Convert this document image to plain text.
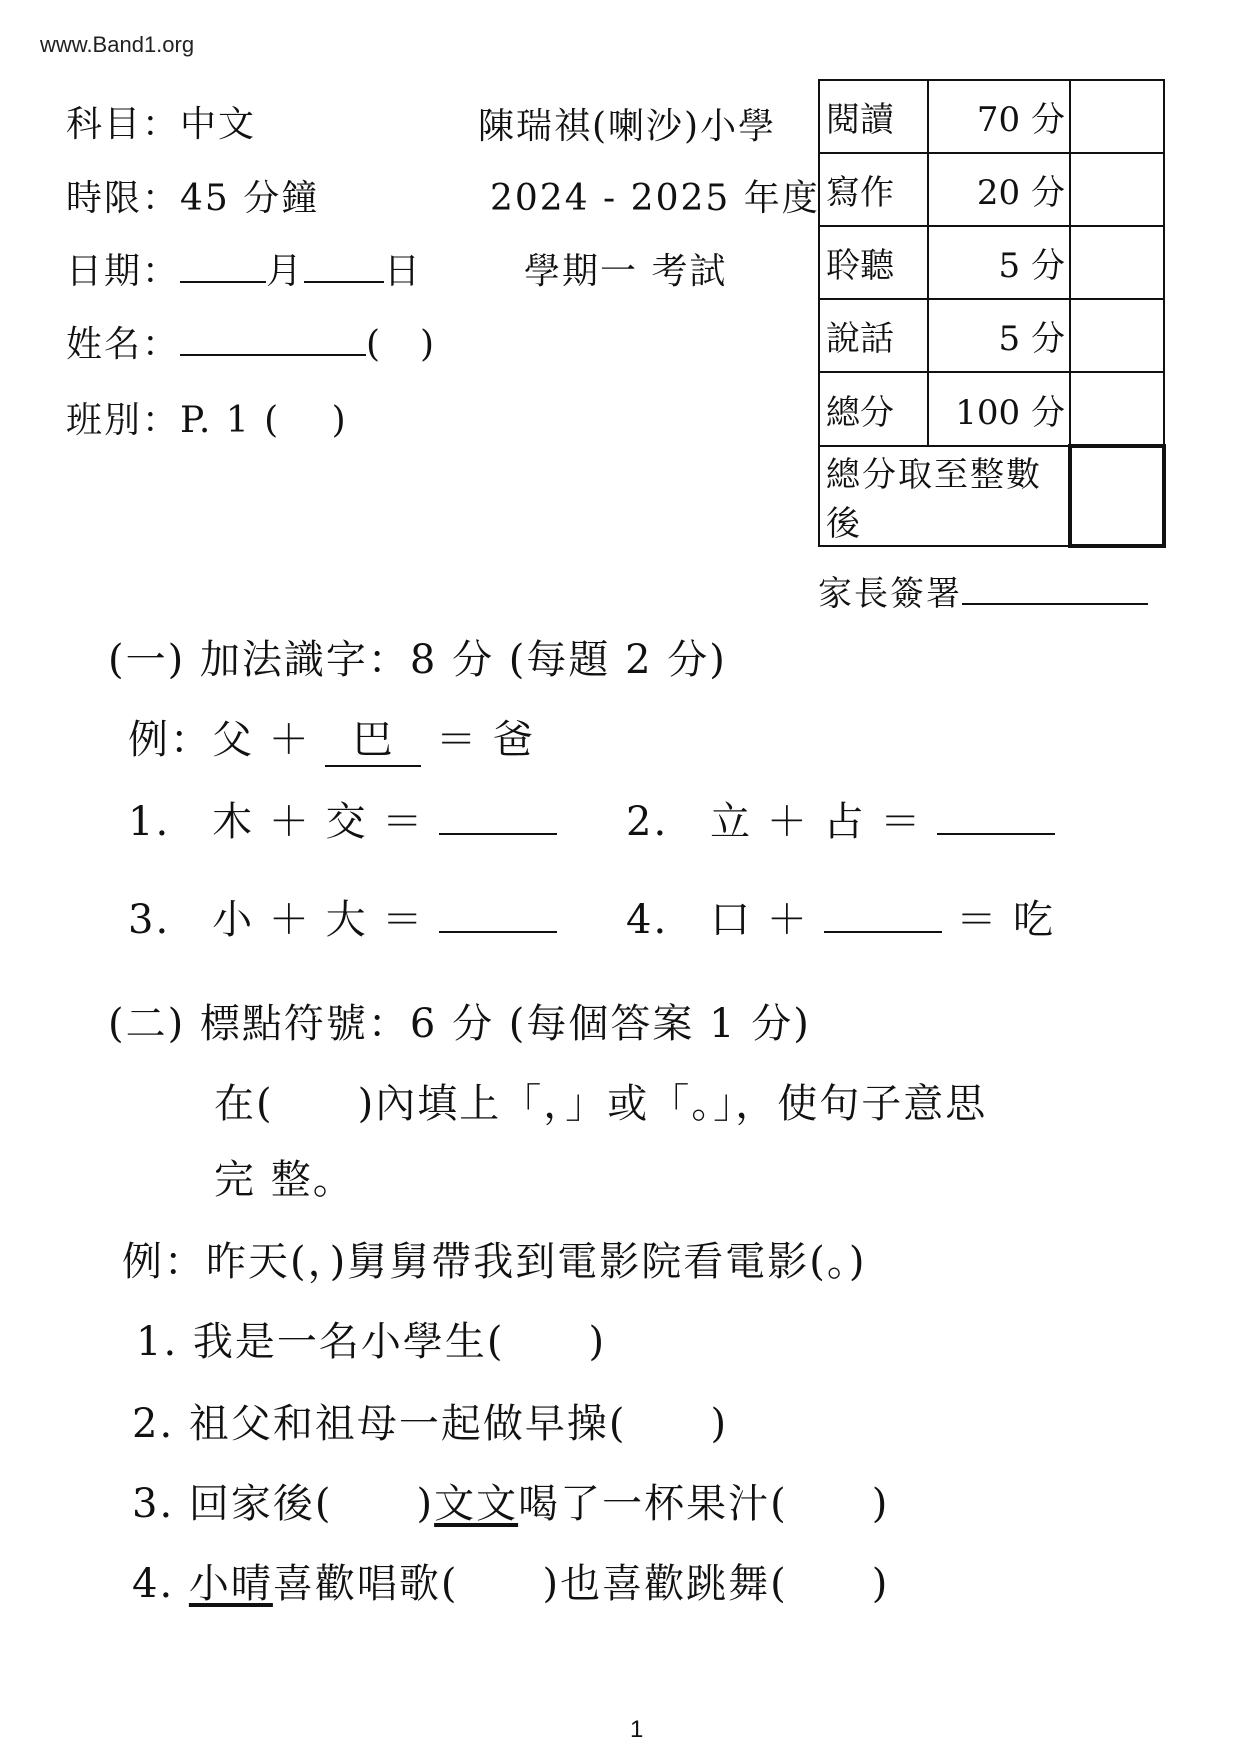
www.Band1.org
科目：中文
時限：45 分鐘
日期： 月 日
姓名：	(　)
班別：P. 1 (　 )
陳瑞祺(喇沙)小學
2024 - 2025 年度
學期一 考試
閱讀	70 分	
寫作	20 分	
聆聽	5 分	
說話	5 分	
總分	100 分	
總分取至整數後		
家長簽署
(一) 加法識字：8 分 (每題 2 分)
例：父 ＋ 巴 ＝ 爸
1.　木 ＋ 交 ＝	2.　立 ＋ 占 ＝
3.　小 ＋ 大 ＝	4.　口 ＋	＝ 吃
(二) 標點符號：6 分 (每個答案 1 分)
在(　　)內填上「，」或「。」，使句子意思
完 整。
例：昨天(，)舅舅帶我到電影院看電影(。)
1. 我是一名小學生(　　)
2. 祖父和祖母一起做早操(　　)
3. 回家後(　　)文文喝了一杯果汁(　　)
4. 小晴喜歡唱歌(　　)也喜歡跳舞(　　)
1
